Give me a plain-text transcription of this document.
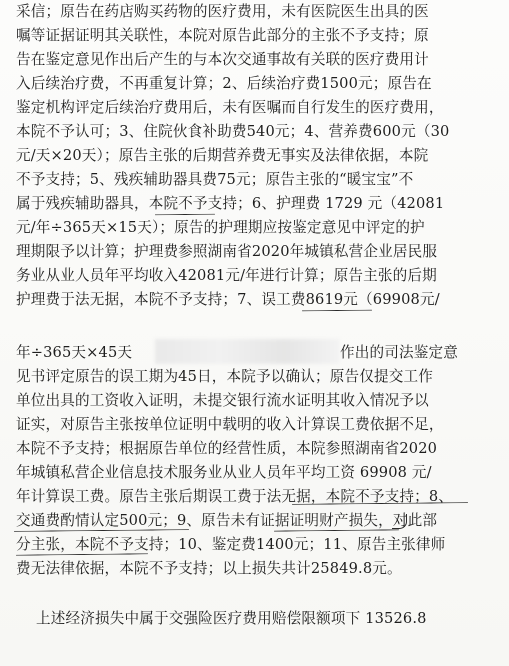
采信；原告在药店购买药物的医疗费用，未有医院医生出具的医
嘱等证据证明其关联性，本院对原告此部分的主张不予支持；原
告在鉴定意见作出后产生的与本次交通事故有关联的医疗费用计
入后续治疗费，不再重复计算；2、后续治疗费1500元；原告在
鉴定机构评定后续治疗费用后，未有医嘱而自行发生的医疗费用，
本院不予认可；3、住院伙食补助费540元；4、营养费600元（30
元/天×20天）；原告主张的后期营养费无事实及法律依据，本院
不予支持；5、残疾辅助器具费75元；原告主张的“暖宝宝”不
属于残疾辅助器具，本院不予支持；6、护理费 1729 元（42081
元/年÷365天×15天）；原告的护理期应按鉴定意见中评定的护
理期限予以计算；护理费参照湖南省2020年城镇私营企业居民服
务业从业人员年平均收入42081元/年进行计算；原告主张的后期
护理费于法无据，本院不予支持；7、误工费8619元（69908元/
年÷365天×45天	作出的司法鉴定意
见书评定原告的误工期为45日，本院予以确认；原告仅提交工作
单位出具的工资收入证明，未提交银行流水证明其收入情况予以
证实，对原告主张按单位证明中载明的收入计算误工费依据不足，
本院不予支持；根据原告单位的经营性质，本院参照湖南省2020
年城镇私营企业信息技术服务业从业人员年平均工资 69908 元/
年计算误工费。原告主张后期误工费于法无据，本院不予支持；8、
交通费酌情认定500元；9、原告未有证据证明财产损失，对此部
分主张，本院不予支持；10、鉴定费1400元；11、原告主张律师
费无法律依据，本院不予支持；以上损失共计25849.8元。
上述经济损失中属于交强险医疗费用赔偿限额项下 13526.8
